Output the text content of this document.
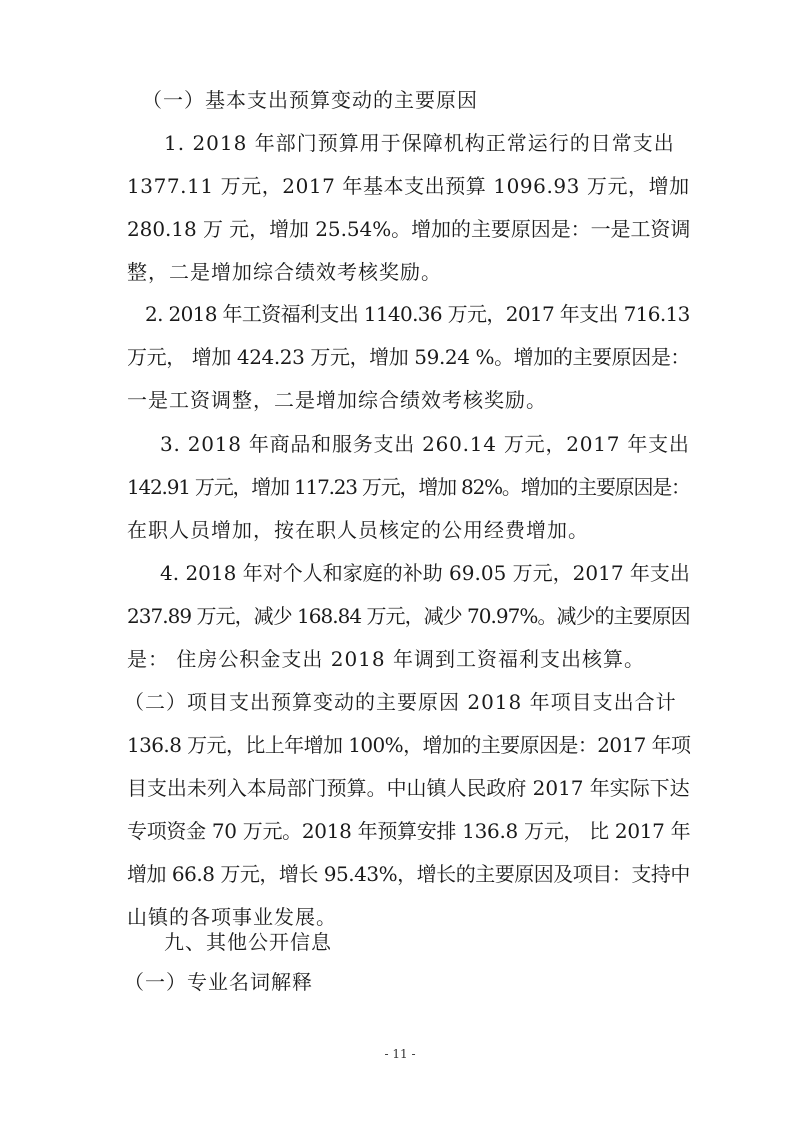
（一）基本支出预算变动的主要原因
1. 2018 年部门预算用于保障机构正常运行的日常支出
1377.11 万元，2017 年基本支出预算 1096.93 万元，增加
280.18 万 元，增加 25.54%。增加的主要原因是：一是工资调
整，二是增加综合绩效考核奖励。
2. 2018 年工资福利支出 1140.36 万元，2017 年支出 716.13
万元， 增加 424.23 万元，增加 59.24 %。增加的主要原因是：
一是工资调整，二是增加综合绩效考核奖励。
3. 2018 年商品和服务支出 260.14 万元，2017 年支出
142.91 万元，增加 117.23 万元，增加 82%。增加的主要原因是：
在职人员增加，按在职人员核定的公用经费增加。
4. 2018 年对个人和家庭的补助 69.05 万元，2017 年支出
237.89 万元，减少 168.84 万元，减少 70.97%。减少的主要原因
是： 住房公积金支出 2018 年调到工资福利支出核算。
（二）项目支出预算变动的主要原因 2018 年项目支出合计
136.8 万元，比上年增加 100%，增加的主要原因是：2017 年项
目支出未列入本局部门预算。中山镇人民政府 2017 年实际下达
专项资金 70 万元。2018 年预算安排 136.8 万元， 比 2017 年
增加 66.8 万元，增长 95.43%，增长的主要原因及项目：支持中
山镇的各项事业发展。
九、其他公开信息
（一）专业名词解释
- 11 -
